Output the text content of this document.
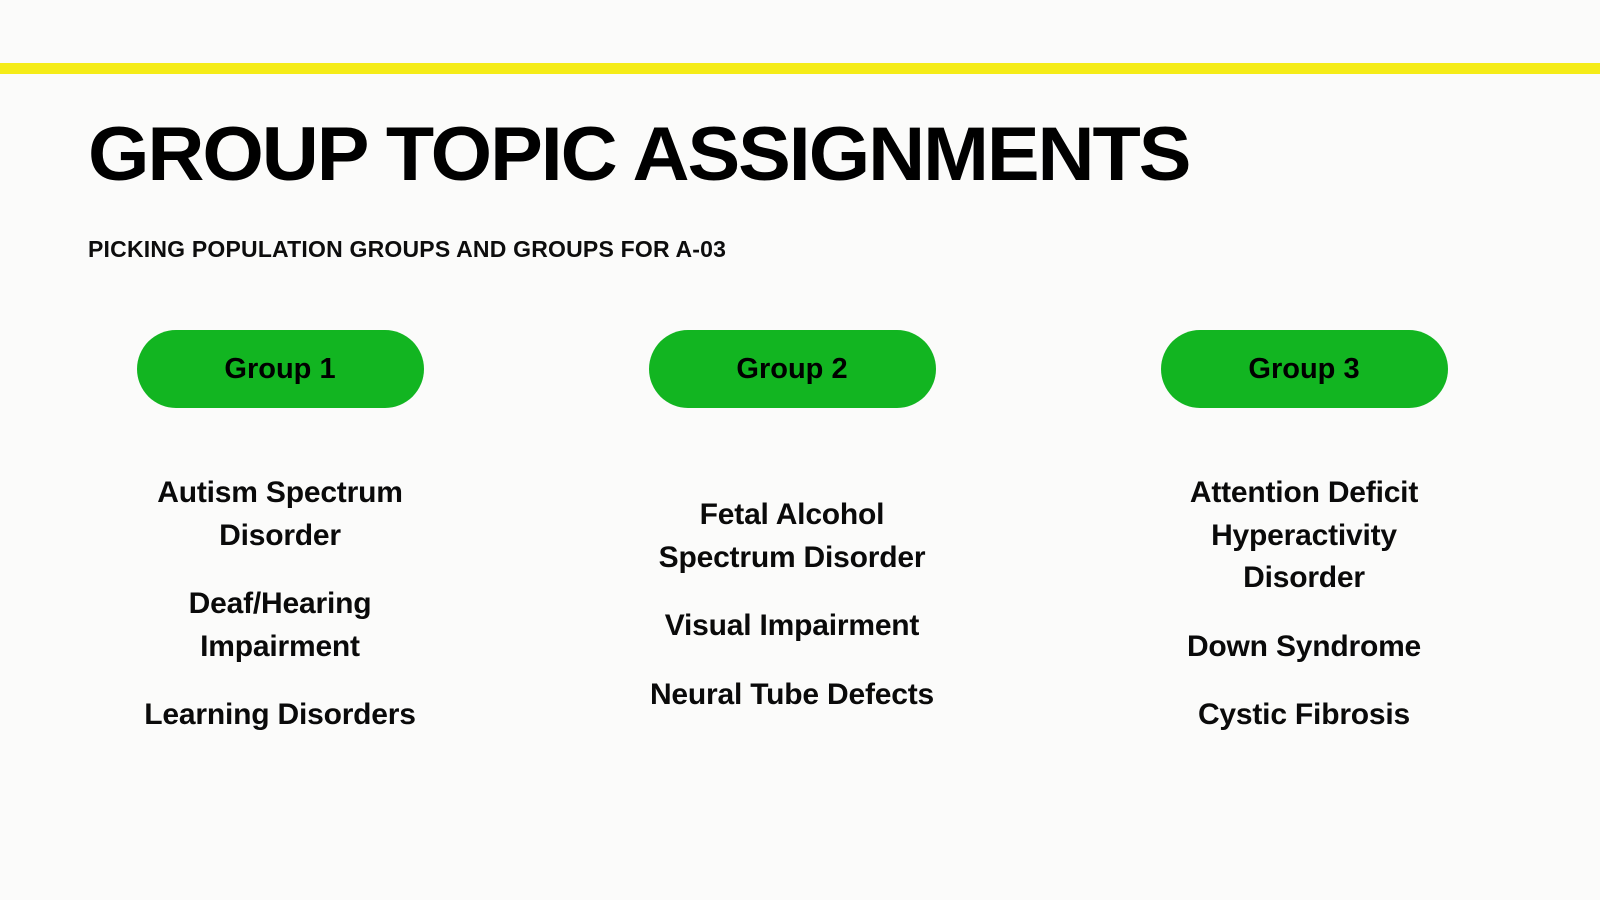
GROUP TOPIC ASSIGNMENTS
PICKING POPULATION GROUPS AND GROUPS FOR A-03
Group 1
Autism Spectrum Disorder
Deaf/Hearing Impairment
Learning Disorders
Group 2
Fetal Alcohol Spectrum Disorder
Visual Impairment
Neural Tube Defects
Group 3
Attention Deficit Hyperactivity Disorder
Down Syndrome
Cystic Fibrosis
